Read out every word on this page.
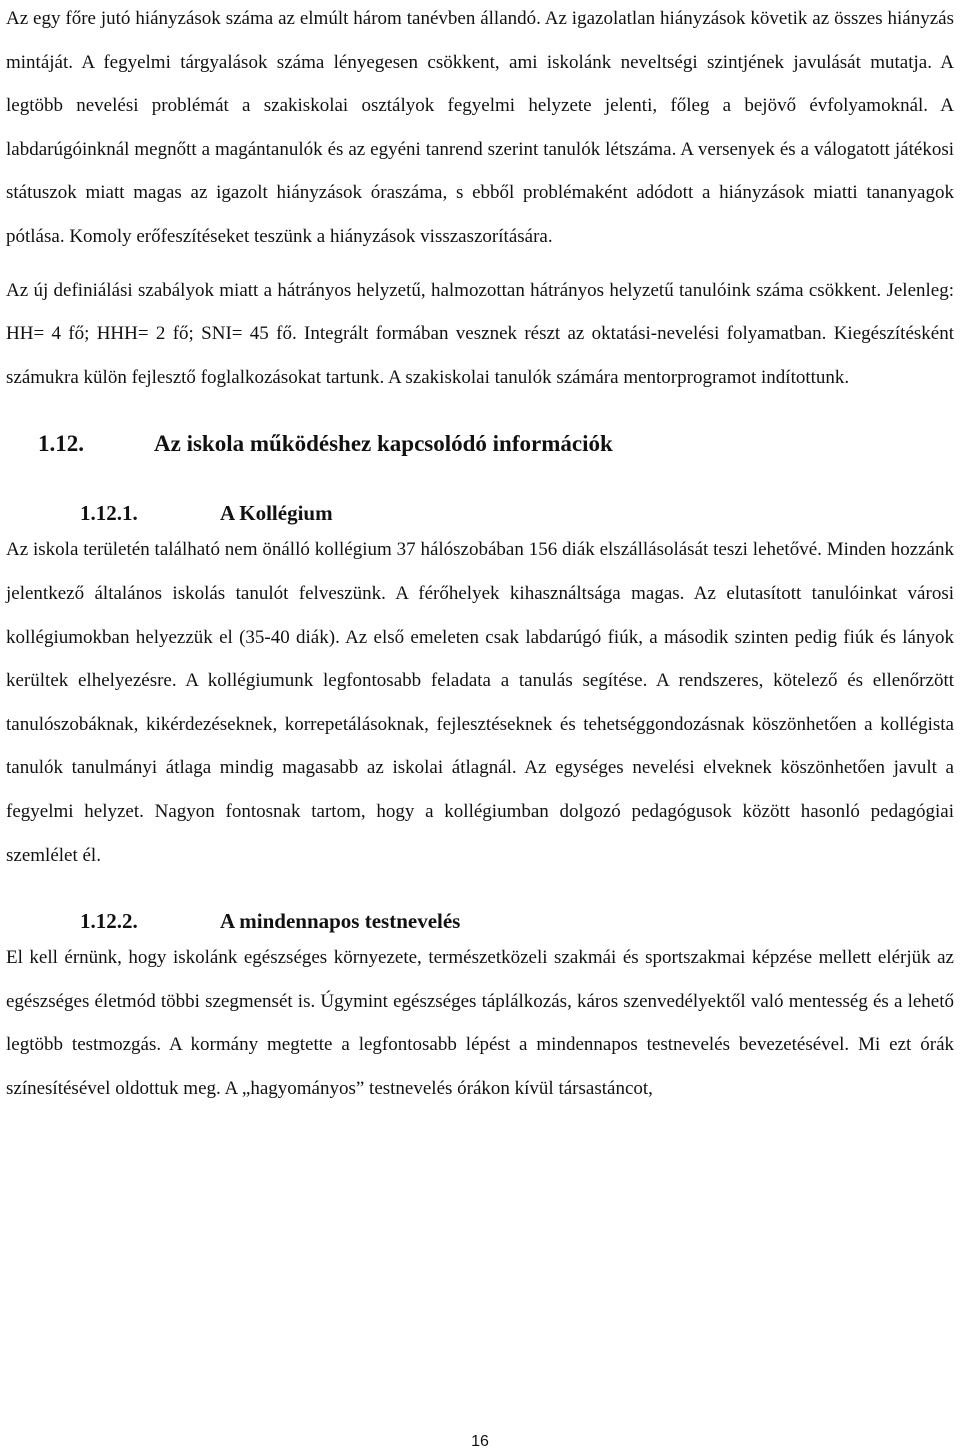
Az egy főre jutó hiányzások száma az elmúlt három tanévben állandó. Az igazolatlan hiányzások követik az összes hiányzás mintáját. A fegyelmi tárgyalások száma lényegesen csökkent, ami iskolánk neveltségi szintjének javulását mutatja. A legtöbb nevelési problémát a szakiskolai osztályok fegyelmi helyzete jelenti, főleg a bejövő évfolyamoknál. A labdarúgóinknál megnőtt a magántanulók és az egyéni tanrend szerint tanulók létszáma. A versenyek és a válogatott játékosi státuszok miatt magas az igazolt hiányzások óraszáma, s ebből problémaként adódott a hiányzások miatti tananyagok pótlása. Komoly erőfeszítéseket teszünk a hiányzások visszaszorítására.

Az új definiálási szabályok miatt a hátrányos helyzetű, halmozottan hátrányos helyzetű tanulóink száma csökkent. Jelenleg: HH= 4 fő; HHH= 2 fő; SNI= 45 fő. Integrált formában vesznek részt az oktatási-nevelési folyamatban. Kiegészítésként számukra külön fejlesztő foglalkozásokat tartunk. A szakiskolai tanulók számára mentorprogramot indítottunk.

1.12.	Az iskola működéshez kapcsolódó információk
1.12.1.	A Kollégium

Az iskola területén található nem önálló kollégium 37 hálószobában 156 diák elszállásolását teszi lehetővé. Minden hozzánk jelentkező általános iskolás tanulót felveszünk. A férőhelyek kihasználtsága magas. Az elutasított tanulóinkat városi kollégiumokban helyezzük el (35-40 diák). Az első emeleten csak labdarúgó fiúk, a második szinten pedig fiúk és lányok kerültek elhelyezésre. A kollégiumunk legfontosabb feladata a tanulás segítése. A rendszeres, kötelező és ellenőrzött tanulószobáknak, kikérdezéseknek, korrepetálásoknak, fejlesztéseknek és tehetséggondozásnak köszönhetően a kollégista tanulók tanulmányi átlaga mindig magasabb az iskolai átlagnál. Az egységes nevelési elveknek köszönhetően javult a fegyelmi helyzet. Nagyon fontosnak tartom, hogy a kollégiumban dolgozó pedagógusok között hasonló pedagógiai szemlélet él.

1.12.2.	A mindennapos testnevelés

El kell érnünk, hogy iskolánk egészséges környezete, természetközeli szakmái és sportszakmai képzése mellett elérjük az egészséges életmód többi szegmensét is. Úgymint egészséges táplálkozás, káros szenvedélyektől való mentesség és a lehető legtöbb testmozgás. A kormány megtette a legfontosabb lépést a mindennapos testnevelés bevezetésével. Mi ezt órák színesítésével oldottuk meg. A „hagyományos” testnevelés órákon kívül társastáncot,

16
